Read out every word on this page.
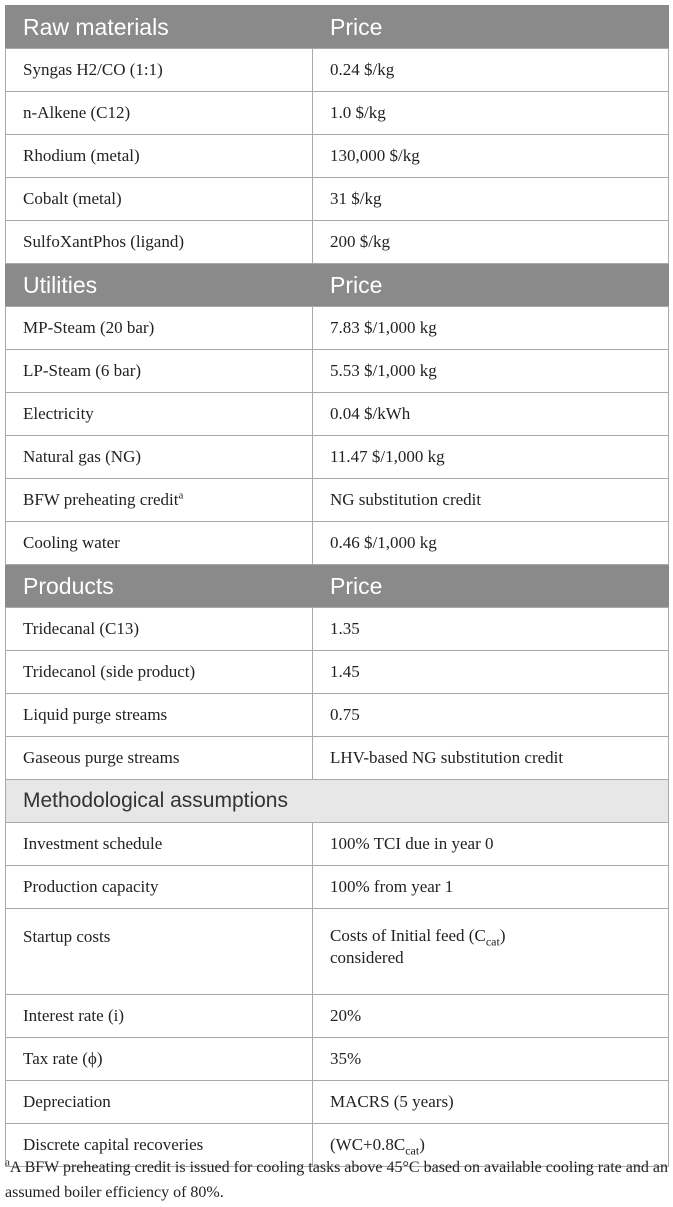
Raw materials	Price
Syngas H2/CO (1:1)	0.24 $/kg
n-Alkene (C12)	1.0 $/kg
Rhodium (metal)	130,000 $/kg
Cobalt (metal)	31 $/kg
SulfoXantPhos (ligand)	200 $/kg
Utilities	Price
MP-Steam (20 bar)	7.83 $/1,000 kg
LP-Steam (6 bar)	5.53 $/1,000 kg
Electricity	0.04 $/kWh
Natural gas (NG)	11.47 $/1,000 kg
BFW preheating credit$^a$	NG substitution credit
Cooling water	0.46 $/1,000 kg
Products	Price
Tridecanal (C13)	1.35
Tridecanol (side product)	1.45
Liquid purge streams	0.75
Gaseous purge streams	LHV-based NG substitution credit
Methodological assumptions	
Investment schedule	100% TCI due in year 0
Production capacity	100% from year 1
Startup costs	Costs of Initial feed $(C_{cat})$
considered
Interest rate (i)	20%
Tax rate (ϕ)	35%
Depreciation	MACRS (5 years)
Discrete capital recoveries	$(WC+0.8C_{cat})$
$^a$A BFW preheating credit is issued for cooling tasks above 45°C based on available cooling rate and an assumed boiler efficiency of 80%.
